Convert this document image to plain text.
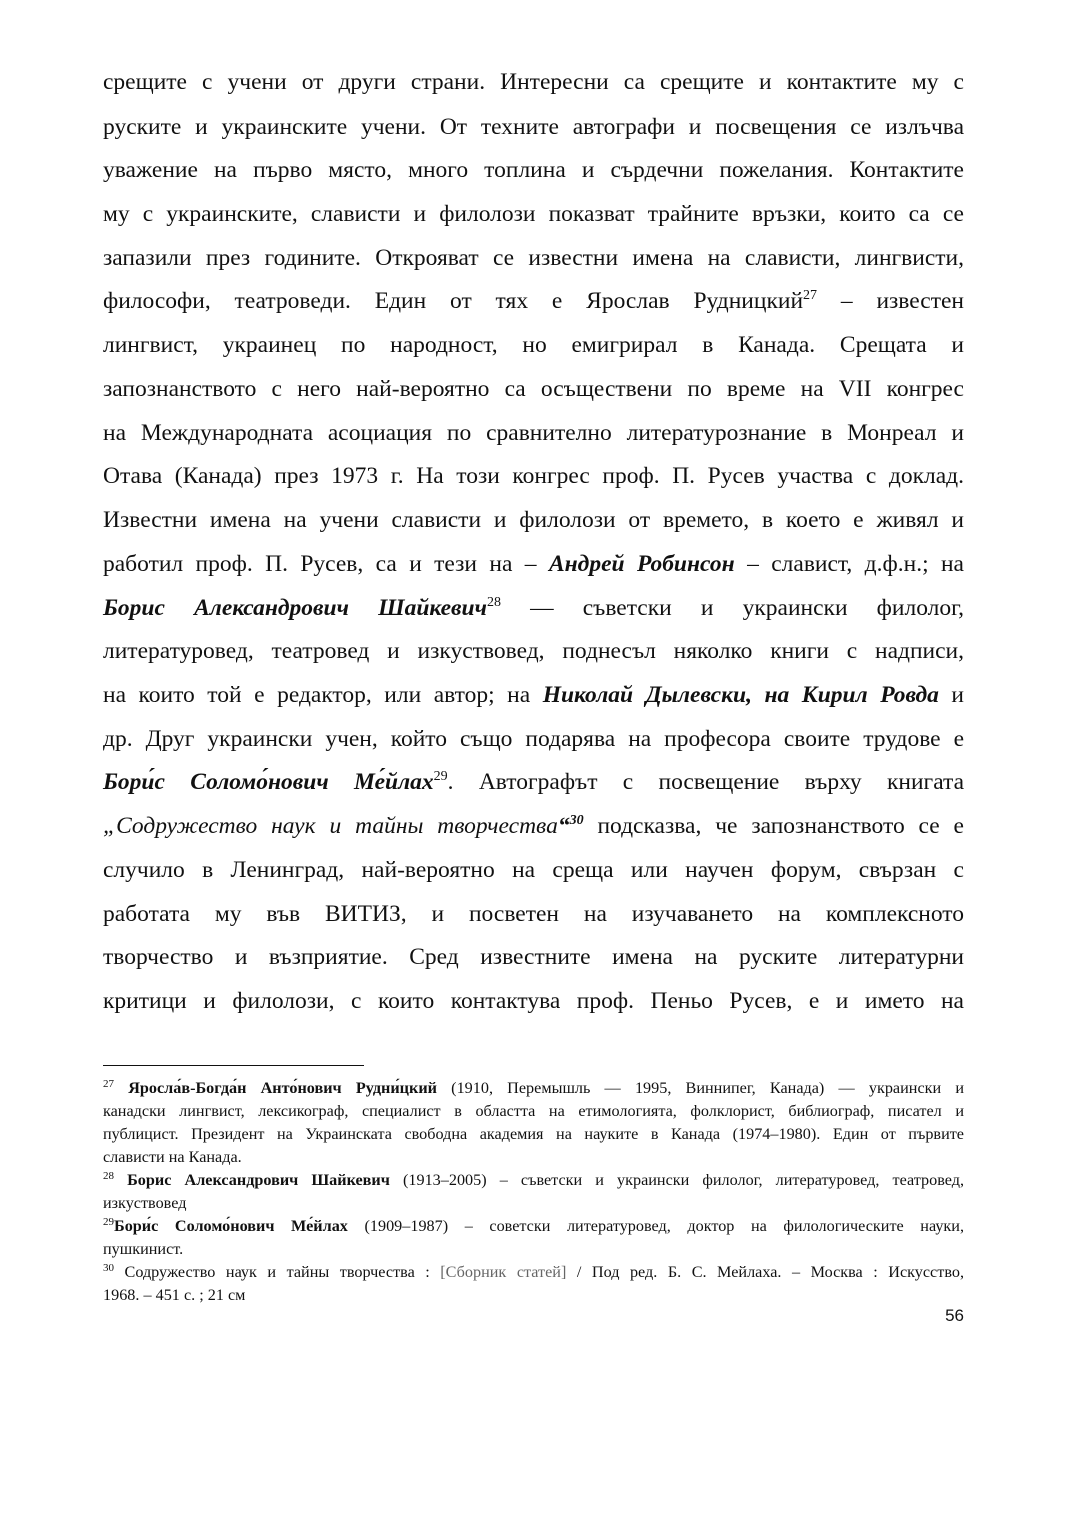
срещите с учени от други страни. Интересни са срещите и контактите му с
руските и украинските учени. От техните автографи и посвещения се излъчва
уважение на първо място, много топлина и сърдечни пожелания. Контактите
му с украинските, слависти и филолози показват трайните връзки, които са се
запазили през годините. Открояват се известни имена на слависти, лингвисти,
философи, театроведи. Един от тях е Ярослав Рудницкий$^{27}$ – известен
лингвист, украинец по народност, но емигрирал в Канада. Срещата и
запознанството с него най-вероятно са осъществени по време на VII конгрес
на Международната асоциация по сравнително литературознание в Монреал и
Отава (Канада) през 1973 г. На този конгрес проф. П. Русев участва с доклад.
Известни имена на учени слависти и филолози от времето, в което е живял и
работил проф. П. Русев, са и тези на – Андрей Робинсон – славист, д.ф.н.; на
Борис Александрович Шайкевич$^{28}$ — съветски и украински филолог,
литературовед, театровед и изкуствовед, поднесъл няколко книги с надписи,
на които той е редактор, или автор; на Николай Дылевски, на Кирил Ровда и
др. Друг украински учен, който също подарява на професора своите трудове е
Бори́с Соломо́нович Ме́йлах$^{29}$. Автографът с посвещение върху книгата
„Содружество наук и тайны творчества“$^{30}$ подсказва, че запознанството се е
случило в Ленинград, най-вероятно на среща или научен форум, свързан с
работата му във ВИТИЗ, и посветен на изучаването на комплексното
творчество и възприятие. Сред известните имена на руските литературни
критици и филолози, с които контактува проф. Пеньо Русев, е и името на
$^{27}$ Яросла́в-Богда́н Анто́нович Рудни́цкий (1910, Перемышль — 1995, Виннипег, Канада) — украински и
канадски лингвист, лексикограф, специалист в областта на етимологията, фолклорист, библиограф, писател и
публицист. Президент на Украинската свободна академия на науките в Канада (1974–1980). Един от първите
слависти на Канада.
$^{28}$ Борис Александрович Шайкевич (1913–2005) – съветски и украински филолог, литературовед, театровед,
изкуствовед
$^{29}$Бори́с Соломо́нович Ме́йлах (1909–1987) – советски литературовед, доктор на филологическите науки,
пушкинист.
$^{30}$ Содружество наук и тайны творчества : [Сборник статей] / Под ред. Б. С. Мейлаха. – Москва : Искусство,
1968. – 451 с. ; 21 см
56
